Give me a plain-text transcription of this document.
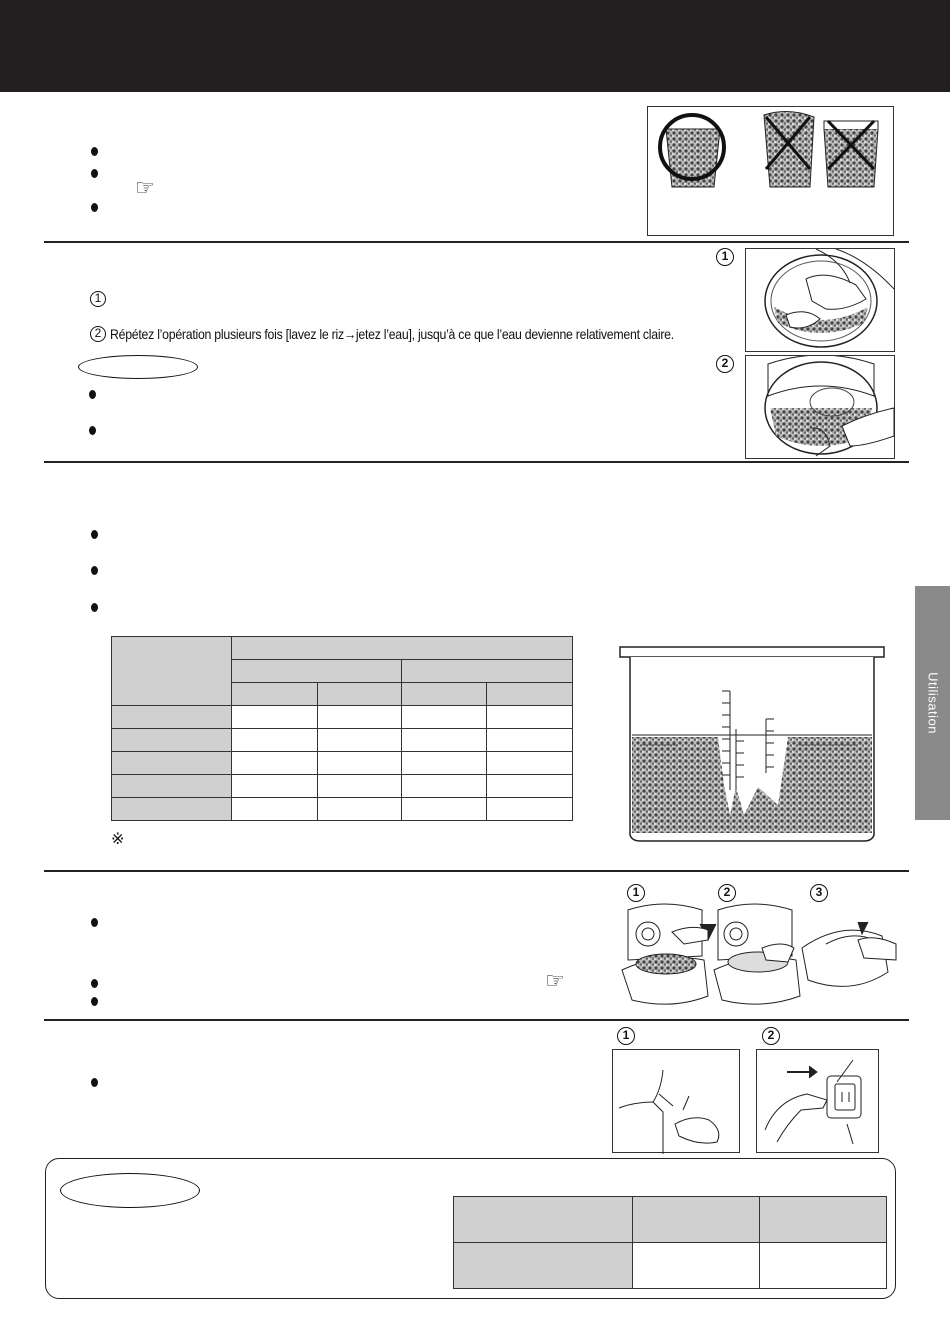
☞
1
2
1
2 Répétez l’opération plusieurs fois [lavez le riz→jetez l’eau], jusqu’à ce que l’eau devienne relativement claire.

※
Utilisation
1	2	3
☞
1	2
